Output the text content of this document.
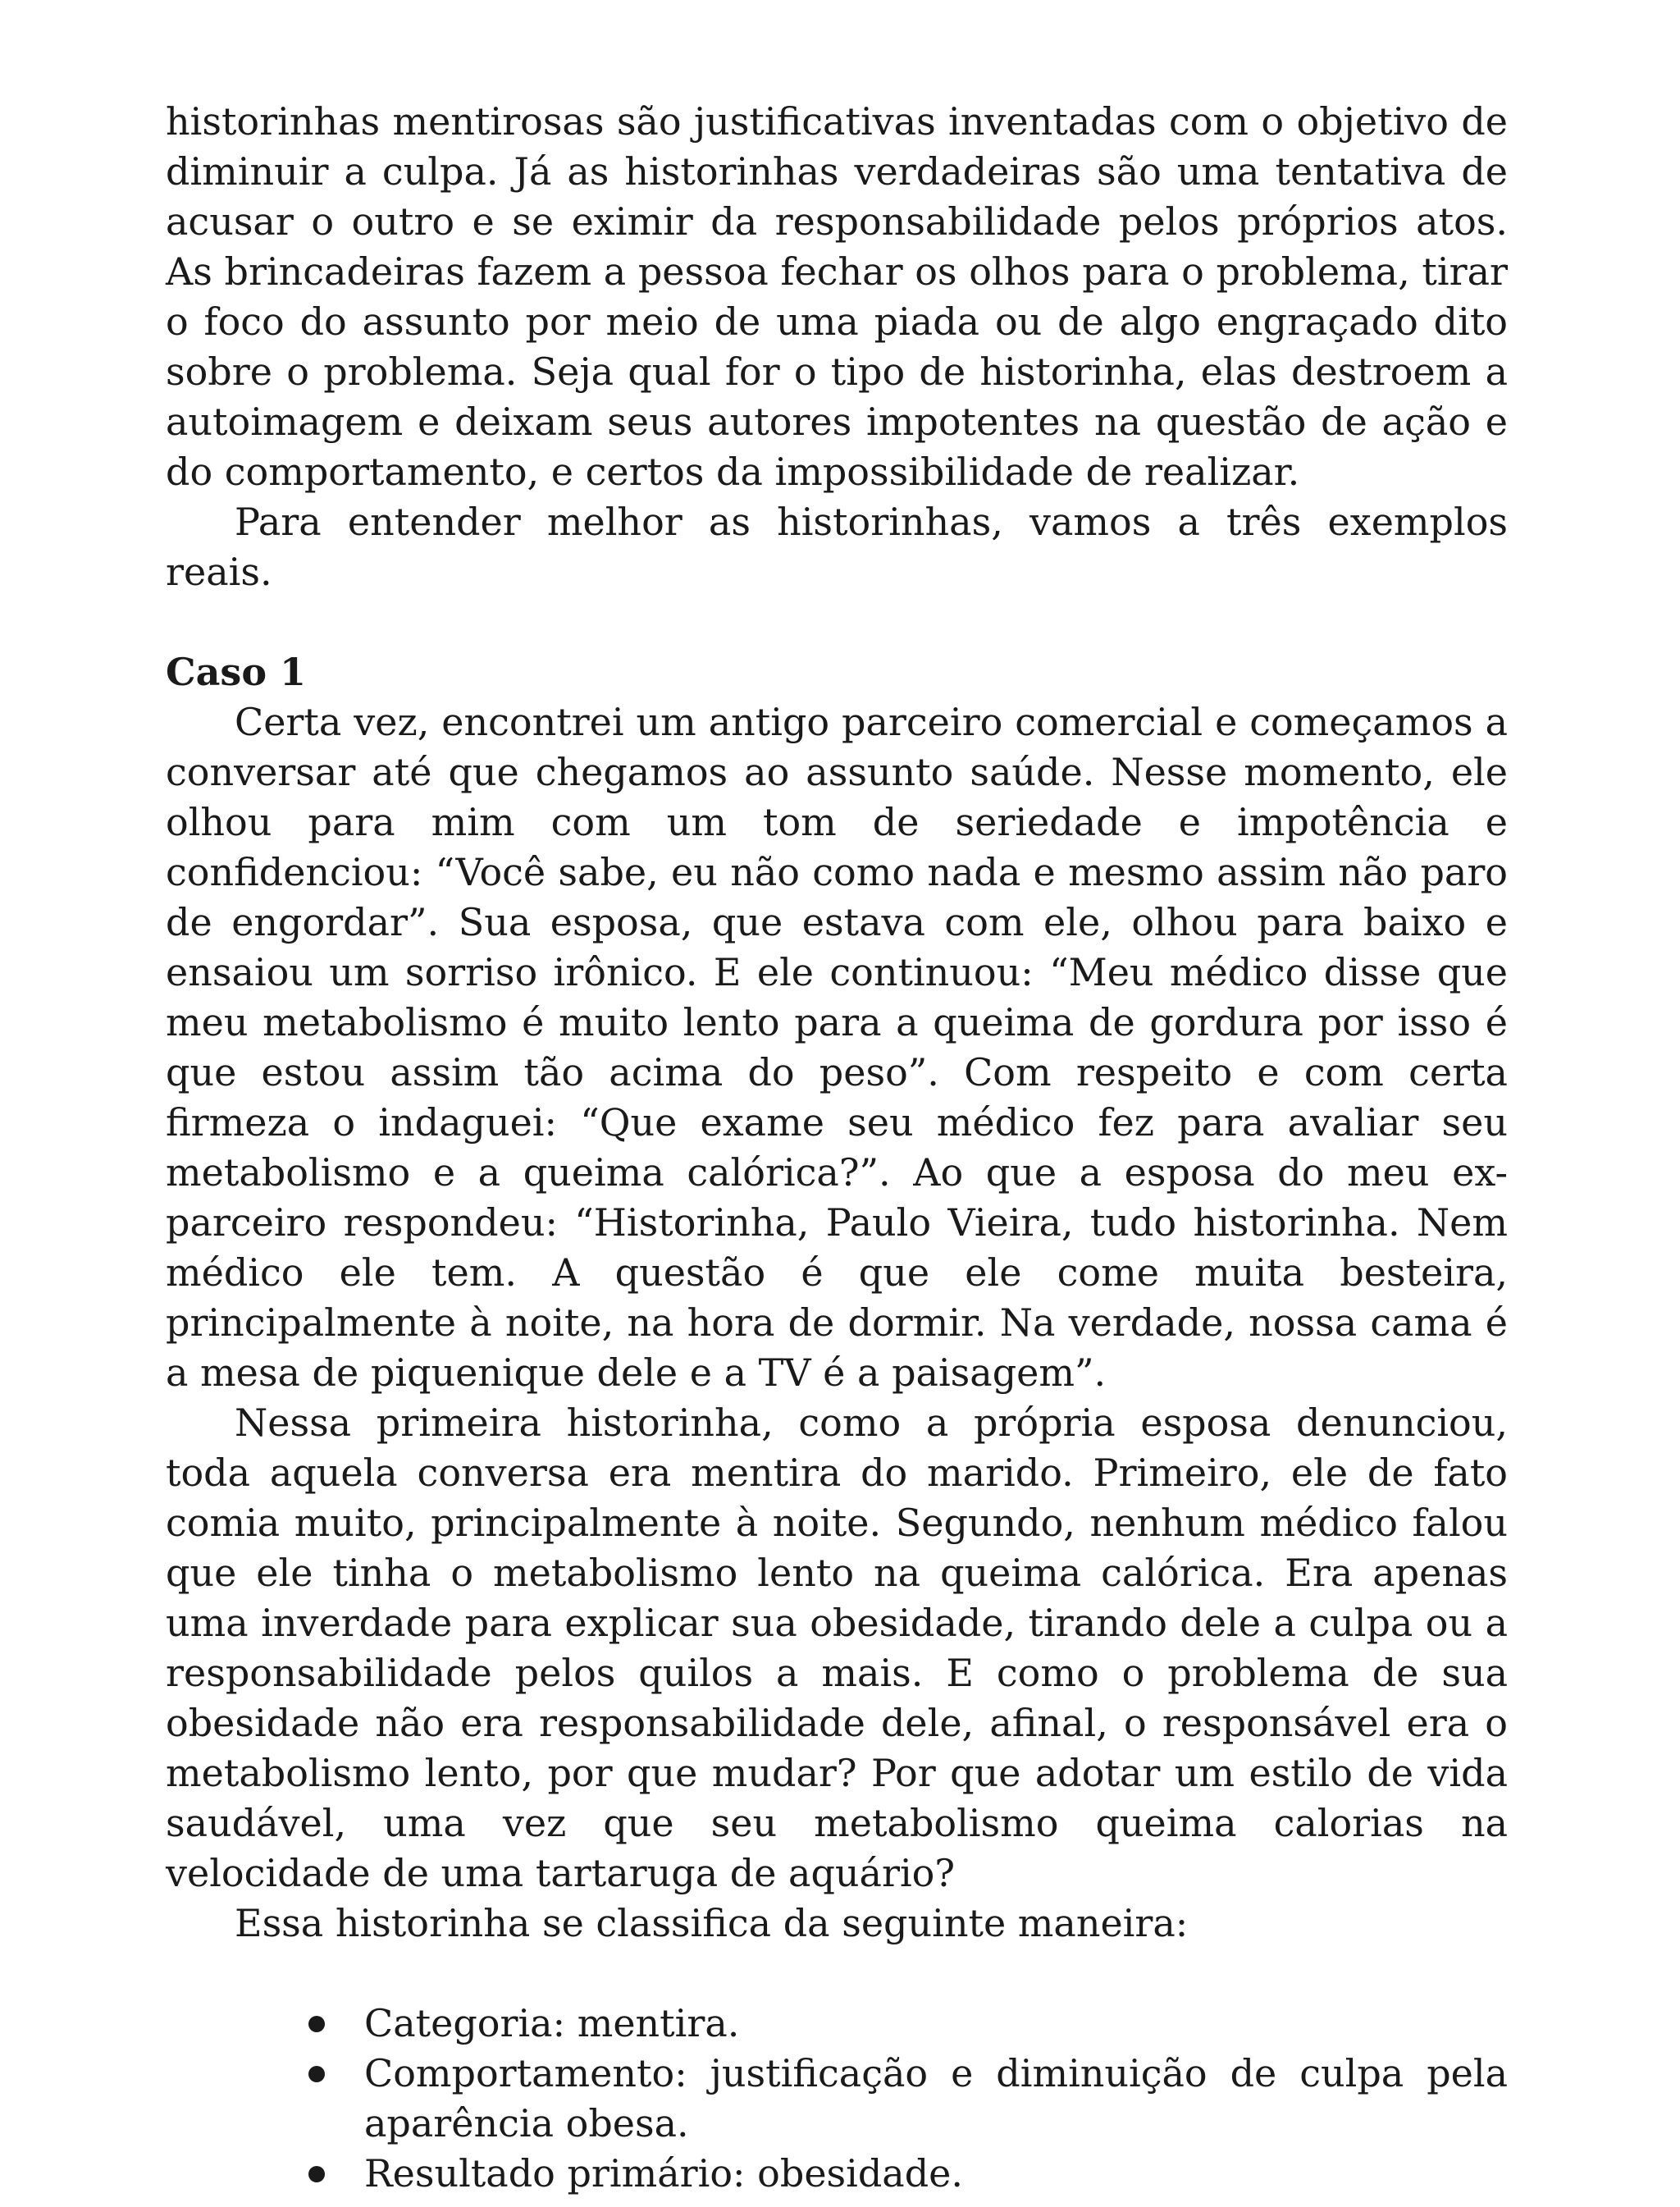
historinhas mentirosas são justificativas inventadas com o objetivo de diminuir a culpa. Já as historinhas verdadeiras são uma tentativa de acusar o outro e se eximir da responsabilidade pelos próprios atos. As brincadeiras fazem a pessoa fechar os olhos para o problema, tirar o foco do assunto por meio de uma piada ou de algo engraçado dito sobre o problema. Seja qual for o tipo de historinha, elas destroem a autoimagem e deixam seus autores impotentes na questão de ação e do comportamento, e certos da impossibilidade de realizar.

Para entender melhor as historinhas, vamos a três exemplos reais.

Caso 1

Certa vez, encontrei um antigo parceiro comercial e começamos a conversar até que chegamos ao assunto saúde. Nesse momento, ele olhou para mim com um tom de seriedade e impotência e confidenciou: “Você sabe, eu não como nada e mesmo assim não paro de engordar”. Sua esposa, que estava com ele, olhou para baixo e ensaiou um sorriso irônico. E ele continuou: “Meu médico disse que meu metabolismo é muito lento para a queima de gordura por isso é que estou assim tão acima do peso”. Com respeito e com certa firmeza o indaguei: “Que exame seu médico fez para avaliar seu metabolismo e a queima calórica?”. Ao que a esposa do meu ex-parceiro respondeu: “Historinha, Paulo Vieira, tudo historinha. Nem médico ele tem. A questão é que ele come muita besteira, principalmente à noite, na hora de dormir. Na verdade, nossa cama é a mesa de piquenique dele e a TV é a paisagem”.

Nessa primeira historinha, como a própria esposa denunciou, toda aquela conversa era mentira do marido. Primeiro, ele de fato comia muito, principalmente à noite. Segundo, nenhum médico falou que ele tinha o metabolismo lento na queima calórica. Era apenas uma inverdade para explicar sua obesidade, tirando dele a culpa ou a responsabilidade pelos quilos a mais. E como o problema de sua obesidade não era responsabilidade dele, afinal, o responsável era o metabolismo lento, por que mudar? Por que adotar um estilo de vida saudável, uma vez que seu metabolismo queima calorias na velocidade de uma tartaruga de aquário?

Essa historinha se classifica da seguinte maneira:

Categoria: mentira.
Comportamento: justificação e diminuição de culpa pela aparência obesa.
Resultado primário: obesidade.
